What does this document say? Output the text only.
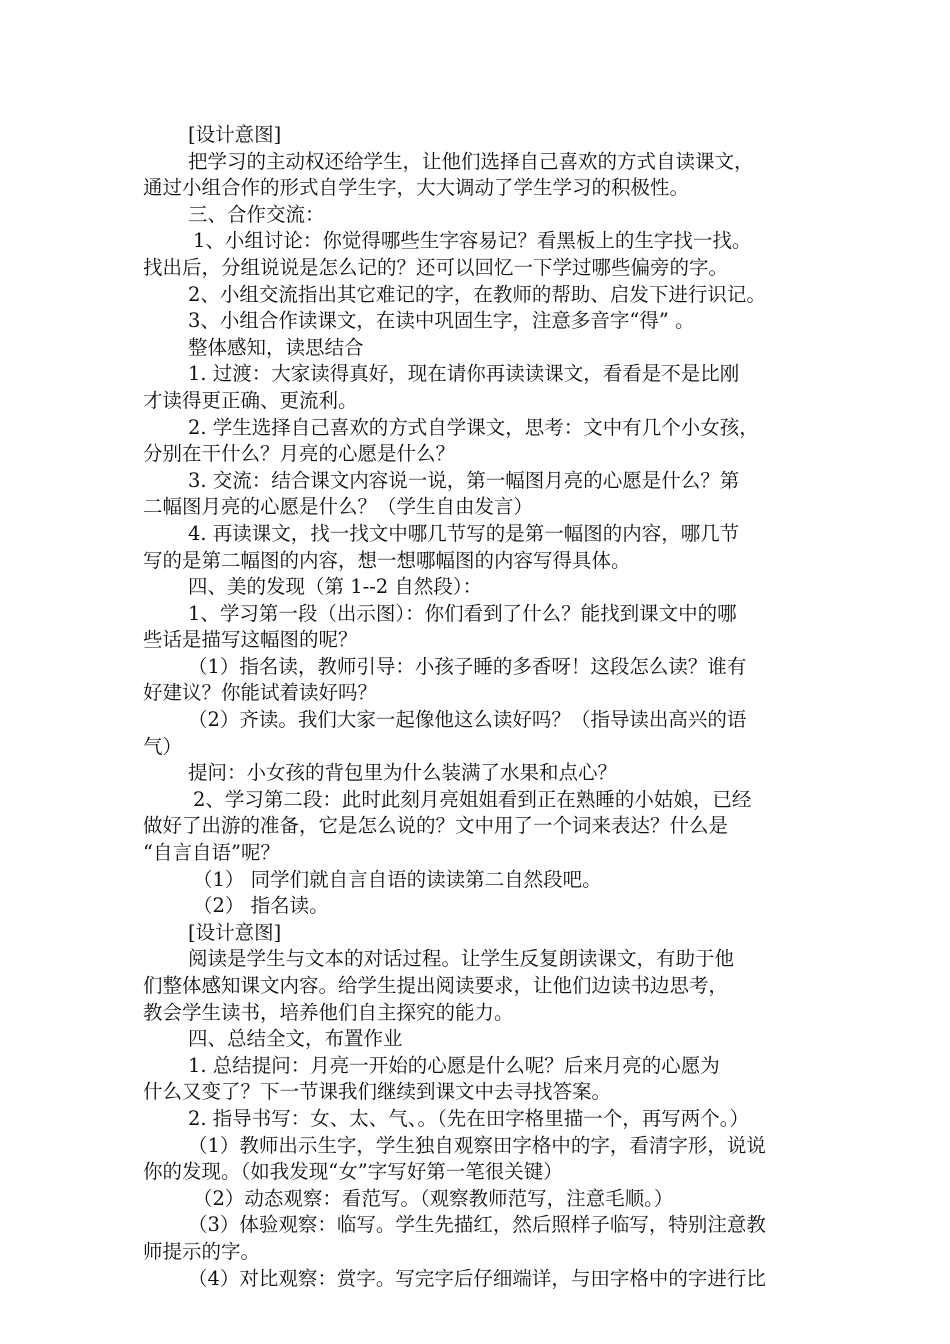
[设计意图]
把学习的主动权还给学生，让他们选择自己喜欢的方式自读课文，
通过小组合作的形式自学生字，大大调动了学生学习的积极性。
三、合作交流：
1、小组讨论：你觉得哪些生字容易记？看黑板上的生字找一找。
找出后，分组说说是怎么记的？还可以回忆一下学过哪些偏旁的字。
2、小组交流指出其它难记的字，在教师的帮助、启发下进行识记。
3、小组合作读课文，在读中巩固生字，注意多音字“得” 。
整体感知，读思结合
1. 过渡：大家读得真好，现在请你再读读课文，看看是不是比刚
才读得更正确、更流利。
2. 学生选择自己喜欢的方式自学课文，思考：文中有几个小女孩，
分别在干什么？月亮的心愿是什么？
3. 交流：结合课文内容说一说，第一幅图月亮的心愿是什么？第
二幅图月亮的心愿是什么？（学生自由发言）
4. 再读课文，找一找文中哪几节写的是第一幅图的内容，哪几节
写的是第二幅图的内容，想一想哪幅图的内容写得具体。
四、美的发现（第 1--2 自然段）：
1、学习第一段（出示图）：你们看到了什么？能找到课文中的哪
些话是描写这幅图的呢？
（1）指名读，教师引导：小孩子睡的多香呀！这段怎么读？谁有
好建议？你能试着读好吗？
（2）齐读。我们大家一起像他这么读好吗？（指导读出高兴的语
气）
提问：小女孩的背包里为什么装满了水果和点心？
2、学习第二段：此时此刻月亮姐姐看到正在熟睡的小姑娘，已经
做好了出游的准备，它是怎么说的？文中用了一个词来表达？什么是
“自言自语”呢？
（1） 同学们就自言自语的读读第二自然段吧。
（2） 指名读。
[设计意图]
阅读是学生与文本的对话过程。让学生反复朗读课文，有助于他
们整体感知课文内容。给学生提出阅读要求，让他们边读书边思考，
教会学生读书，培养他们自主探究的能力。
四、总结全文，布置作业
1. 总结提问：月亮一开始的心愿是什么呢？后来月亮的心愿为
什么又变了？下一节课我们继续到课文中去寻找答案。
2. 指导书写：女、太、气、。（先在田字格里描一个，再写两个。）
（1）教师出示生字，学生独自观察田字格中的字，看清字形，说说
你的发现。（如我发现“女”字写好第一笔很关键）
（2）动态观察：看范写。（观察教师范写，注意毛顺。）
（3）体验观察：临写。学生先描红，然后照样子临写，特别注意教
师提示的字。
（4）对比观察：赏字。写完字后仔细端详，与田字格中的字进行比
